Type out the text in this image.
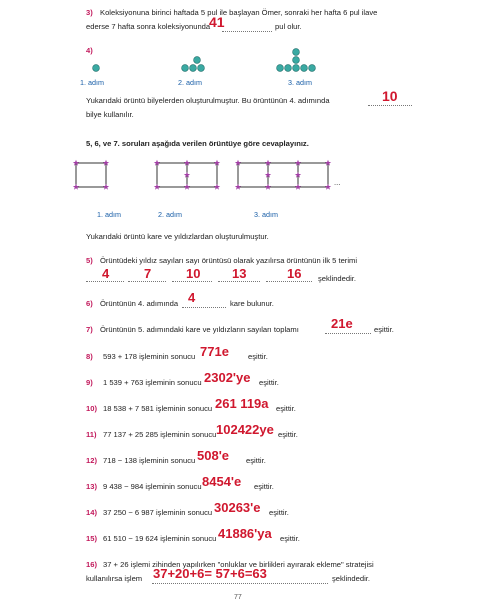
3) Koleksiyonuna birinci haftada 5 pul ile başlayan Ömer, sonraki her hafta 6 pul ilave
ederse 7 hafta sonra koleksiyonunda
41	pul olur.
4)
1. adım	2. adım	3. adım
Yukarıdaki örüntü bilyelerden oluşturulmuştur. Bu örüntünün 4. adımında	10
bilye kullanılır.
5, 6, ve 7. soruları aşağıda verilen örüntüye göre cevaplayınız.
...
1. adım	2. adım	3. adım
Yukarıdaki örüntü kare ve yıldızlardan oluşturulmuştur.
5) Örüntüdeki yıldız sayıları sayı örüntüsü olarak yazılırsa örüntünün ilk 5 terimi
4	7	10 13	16 şeklindedir.
6) Örüntünün 4. adımında 4	kare bulunur.
7) Örüntünün 5. adımındaki kare ve yıldızların sayıları toplamı 21e	eşittir.
8) 593 + 178 işleminin sonucu 771e	eşittir.
9) 1 539 + 763 işleminin sonucu 2302'ye eşittir.
10) 18 538 + 7 581 işleminin sonucu 261 119a eşittir.
11) 77 137 + 25 285 işleminin sonucu 102422ye eşittir.
12) 718 − 138 işleminin sonucu 508'e eşittir.
13) 9 438 − 984 işleminin sonucu 8454'e eşittir.
14) 37 250 − 6 987 işleminin sonucu 30263'e eşittir.
15) 61 510 − 19 624 işleminin sonucu 41886'ya eşittir.
16) 37 + 26 işlemi zihinden yapılırken "onluklar ve birlikleri ayırarak ekleme" stratejisi
kullanılırsa işlem 37+20+6= 57+6=63	şeklindedir.
77
